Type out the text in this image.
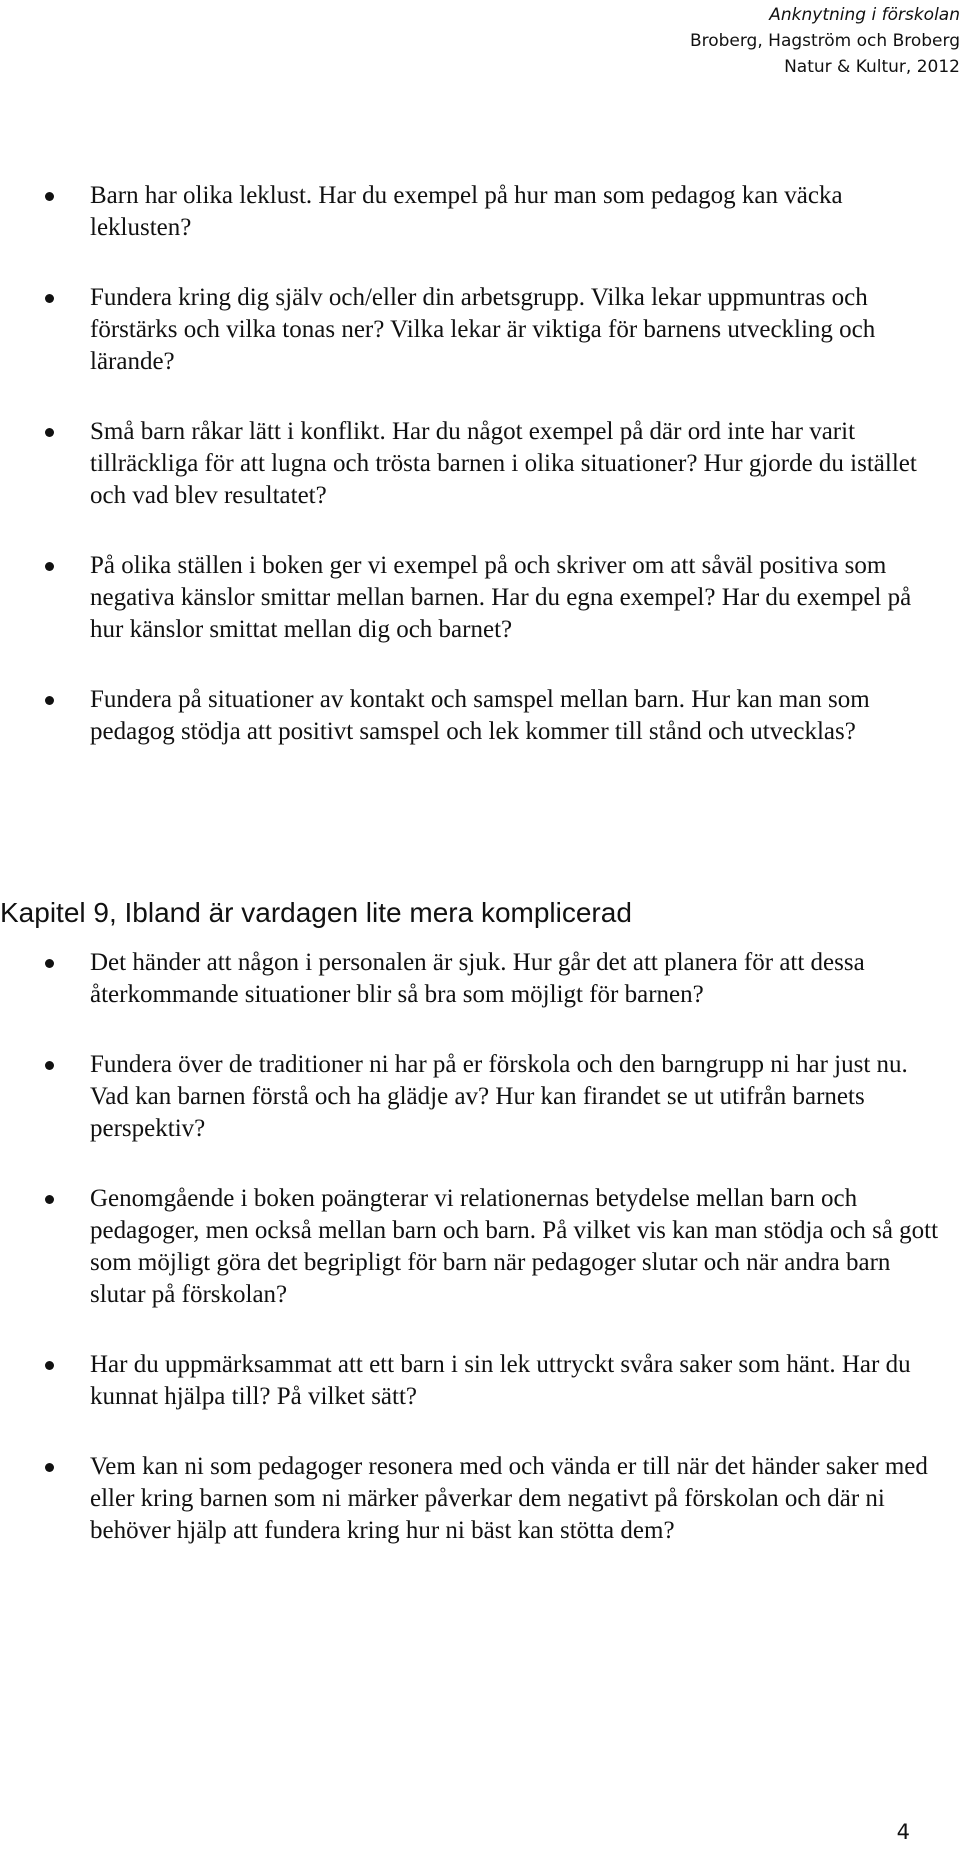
Anknytning i förskolan
Broberg, Hagström och Broberg
Natur & Kultur, 2012
Barn har olika leklust. Har du exempel på hur man som pedagog kan väcka leklusten?
Fundera kring dig själv och/eller din arbetsgrupp. Vilka lekar uppmuntras och förstärks och vilka tonas ner? Vilka lekar är viktiga för barnens utveckling och lärande?
Små barn råkar lätt i konflikt. Har du något exempel på där ord inte har varit tillräckliga för att lugna och trösta barnen i olika situationer? Hur gjorde du istället och vad blev resultatet?
På olika ställen i boken ger vi exempel på och skriver om att såväl positiva som negativa känslor smittar mellan barnen. Har du egna exempel? Har du exempel på hur känslor smittat mellan dig och barnet?
Fundera på situationer av kontakt och samspel mellan barn. Hur kan man som pedagog stödja att positivt samspel och lek kommer till stånd och utvecklas?
Kapitel 9, Ibland är vardagen lite mera komplicerad
Det händer att någon i personalen är sjuk. Hur går det att planera för att dessa återkommande situationer blir så bra som möjligt för barnen?
Fundera över de traditioner ni har på er förskola och den barngrupp ni har just nu. Vad kan barnen förstå och ha glädje av? Hur kan firandet se ut utifrån barnets perspektiv?
Genomgående i boken poängterar vi relationernas betydelse mellan barn och pedagoger, men också mellan barn och barn. På vilket vis kan man stödja och så gott som möjligt göra det begripligt för barn när pedagoger slutar och när andra barn slutar på förskolan?
Har du uppmärksammat att ett barn i sin lek uttryckt svåra saker som hänt. Har du kunnat hjälpa till? På vilket sätt?
Vem kan ni som pedagoger resonera med och vända er till när det händer saker med eller kring barnen som ni märker påverkar dem negativt på förskolan och där ni behöver hjälp att fundera kring hur ni bäst kan stötta dem?
4
